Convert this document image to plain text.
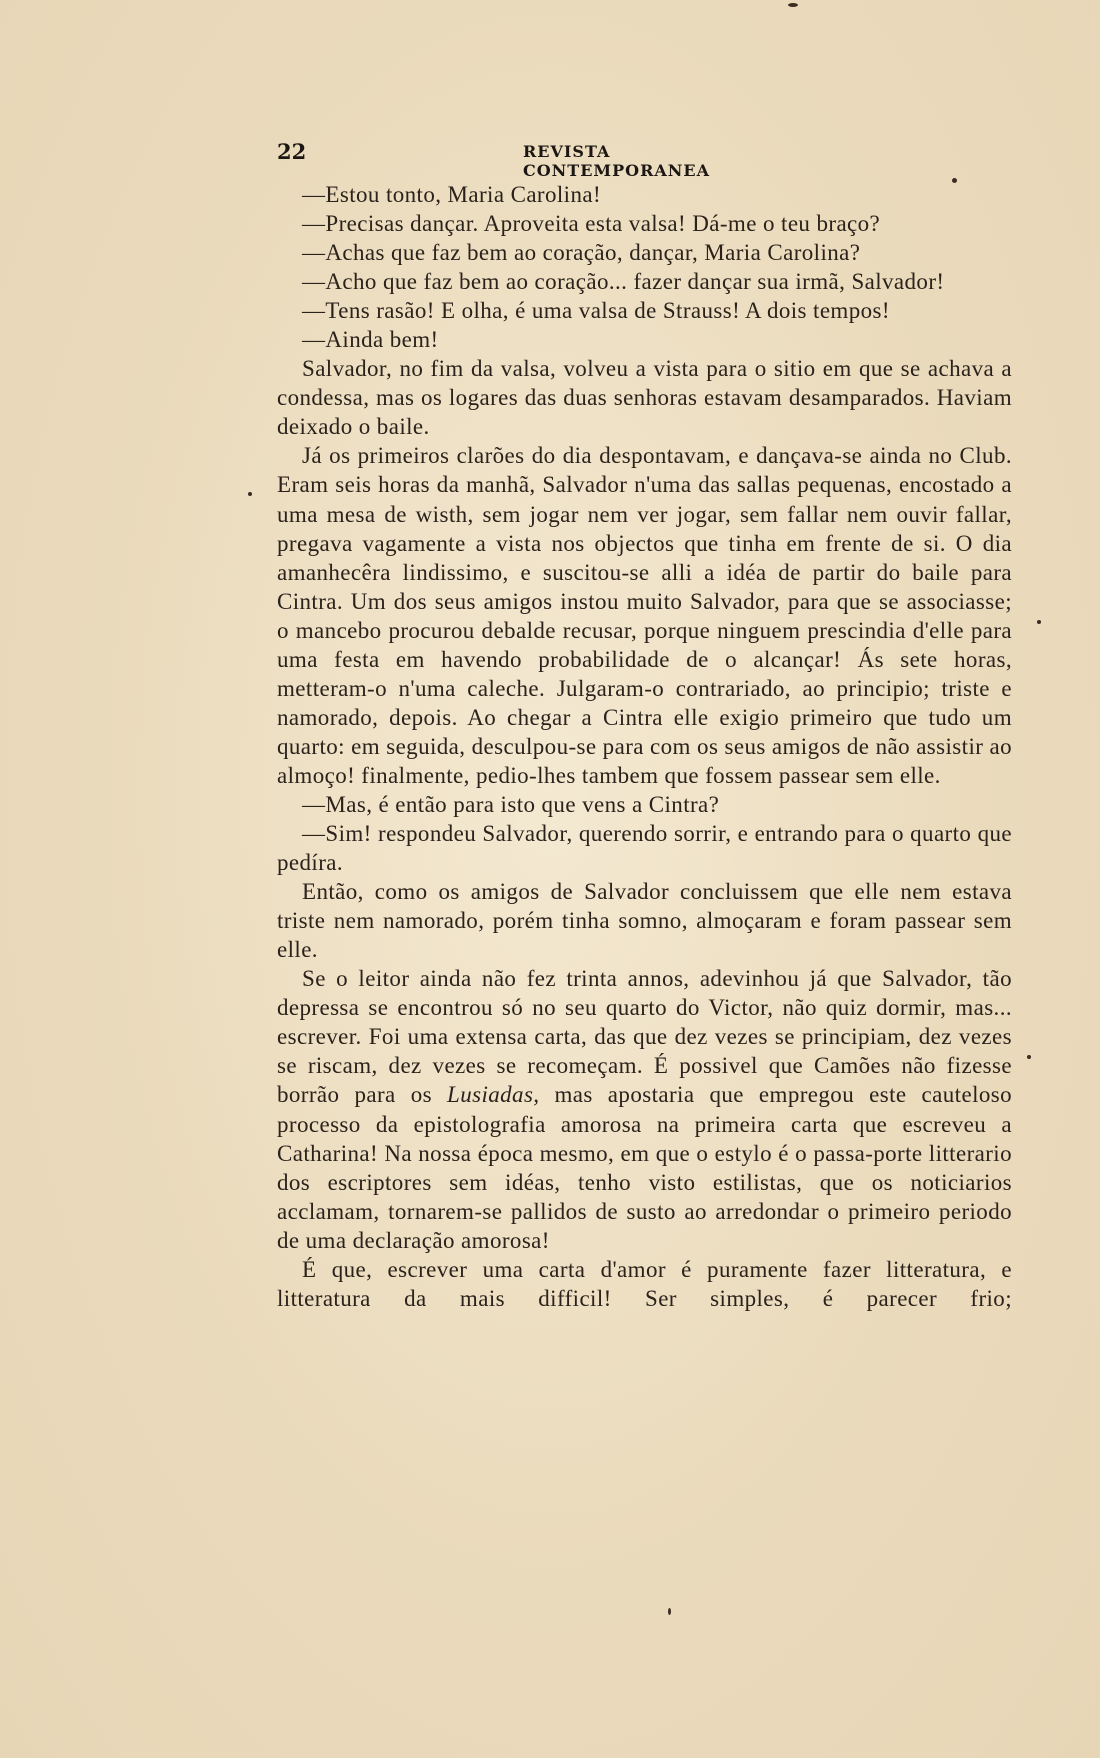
22	REVISTA CONTEMPORANEA

—Estou tonto, Maria Carolina!

—Precisas dançar. Aproveita esta valsa! Dá-me o teu braço?

—Achas que faz bem ao coração, dançar, Maria Carolina?

—Acho que faz bem ao coração... fazer dançar sua irmã, Salvador!

—Tens rasão! E olha, é uma valsa de Strauss! A dois tempos!

—Ainda bem!

Salvador, no fim da valsa, volveu a vista para o sitio em que se achava a condessa, mas os logares das duas senhoras estavam desamparados. Haviam deixado o baile.

Já os primeiros clarões do dia despontavam, e dançava-se ainda no Club. Eram seis horas da manhã, Salvador n'uma das sallas pequenas, encostado a uma mesa de wisth, sem jogar nem ver jogar, sem fallar nem ouvir fallar, pregava vagamente a vista nos objectos que tinha em frente de si. O dia amanhecêra lindissimo, e suscitou-se alli a idéa de partir do baile para Cintra. Um dos seus amigos instou muito Salvador, para que se associasse; o mancebo procurou debalde recusar, porque ninguem prescindia d'elle para uma festa em havendo probabilidade de o alcançar! Ás sete horas, metteram-o n'uma caleche. Julgaram-o contrariado, ao principio; triste e namorado, depois. Ao chegar a Cintra elle exigio primeiro que tudo um quarto: em seguida, desculpou-se para com os seus amigos de não assistir ao almoço! finalmente, pedio-lhes tambem que fossem passear sem elle.

—Mas, é então para isto que vens a Cintra?

—Sim! respondeu Salvador, querendo sorrir, e entrando para o quarto que pedíra.

Então, como os amigos de Salvador concluissem que elle nem estava triste nem namorado, porém tinha somno, almoçaram e foram passear sem elle.

Se o leitor ainda não fez trinta annos, adevinhou já que Salvador, tão depressa se encontrou só no seu quarto do Victor, não quiz dormir, mas... escrever. Foi uma extensa carta, das que dez vezes se principiam, dez vezes se riscam, dez vezes se recomeçam. É possivel que Camões não fizesse borrão para os Lusiadas, mas apostaria que empregou este cauteloso processo da epistolografia amorosa na primeira carta que escreveu a Catharina! Na nossa época mesmo, em que o estylo é o passa-porte litterario dos escriptores sem idéas, tenho visto estilistas, que os noticiarios acclamam, tornarem-se pallidos de susto ao arredondar o primeiro periodo de uma declaração amorosa!

É que, escrever uma carta d'amor é puramente fazer litteratura, e litteratura da mais difficil! Ser simples, é parecer frio;
